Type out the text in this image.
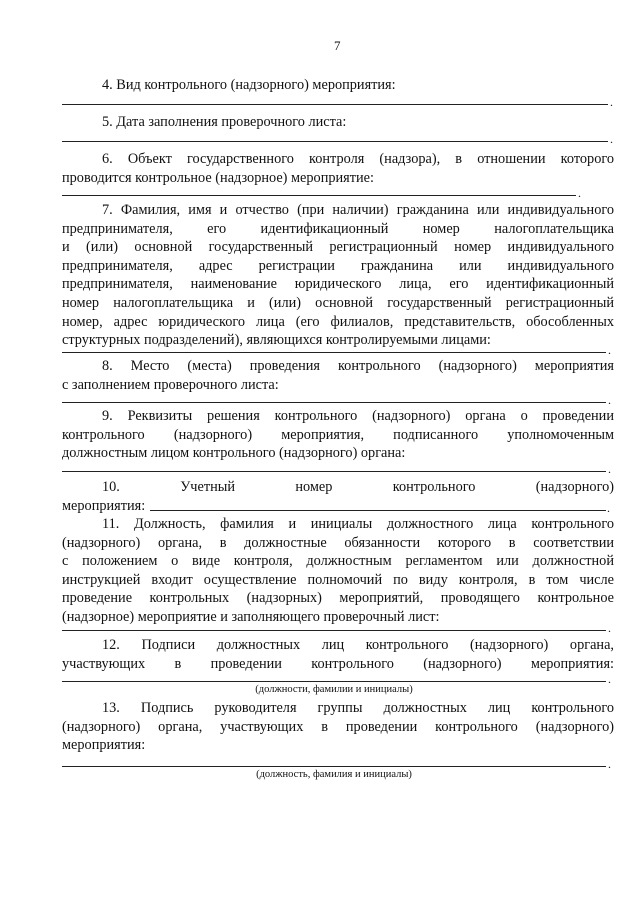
7
4. Вид контрольного (надзорного) мероприятия:
.
5. Дата заполнения проверочного листа:
.
6. Объект государственного контроля (надзора), в отношении которого
проводится контрольное (надзорное) мероприятие:
.
7. Фамилия, имя и отчество (при наличии) гражданина или индивидуального
предпринимателя, его идентификационный номер налогоплательщика
и (или) основной государственный регистрационный номер индивидуального
предпринимателя, адрес регистрации гражданина или индивидуального
предпринимателя, наименование юридического лица, его идентификационный
номер налогоплательщика и (или) основной государственный регистрационный
номер, адрес юридического лица (его филиалов, представительств, обособленных
структурных подразделений), являющихся контролируемыми лицами:
.
8. Место (места) проведения контрольного (надзорного) мероприятия
с заполнением проверочного листа:
.
9. Реквизиты решения контрольного (надзорного) органа о проведении
контрольного (надзорного) мероприятия, подписанного уполномоченным
должностным лицом контрольного (надзорного) органа:
.
10.	Учетный	номер	контрольного	(надзорного)
мероприятия:	.
11. Должность, фамилия и инициалы должностного лица контрольного
(надзорного) органа, в должностные обязанности которого в соответствии
с положением о виде контроля, должностным регламентом или должностной
инструкцией входит осуществление полномочий по виду контроля, в том числе
проведение контрольных (надзорных) мероприятий, проводящего контрольное
(надзорное) мероприятие и заполняющего проверочный лист:
.
12. Подписи должностных лиц контрольного (надзорного) органа,
участвующих в проведении контрольного (надзорного) мероприятия:
.
(должности, фамилии и инициалы)
13. Подпись руководителя группы должностных лиц контрольного
(надзорного) органа, участвующих в проведении контрольного (надзорного)
мероприятия:
.
(должность, фамилия и инициалы)
